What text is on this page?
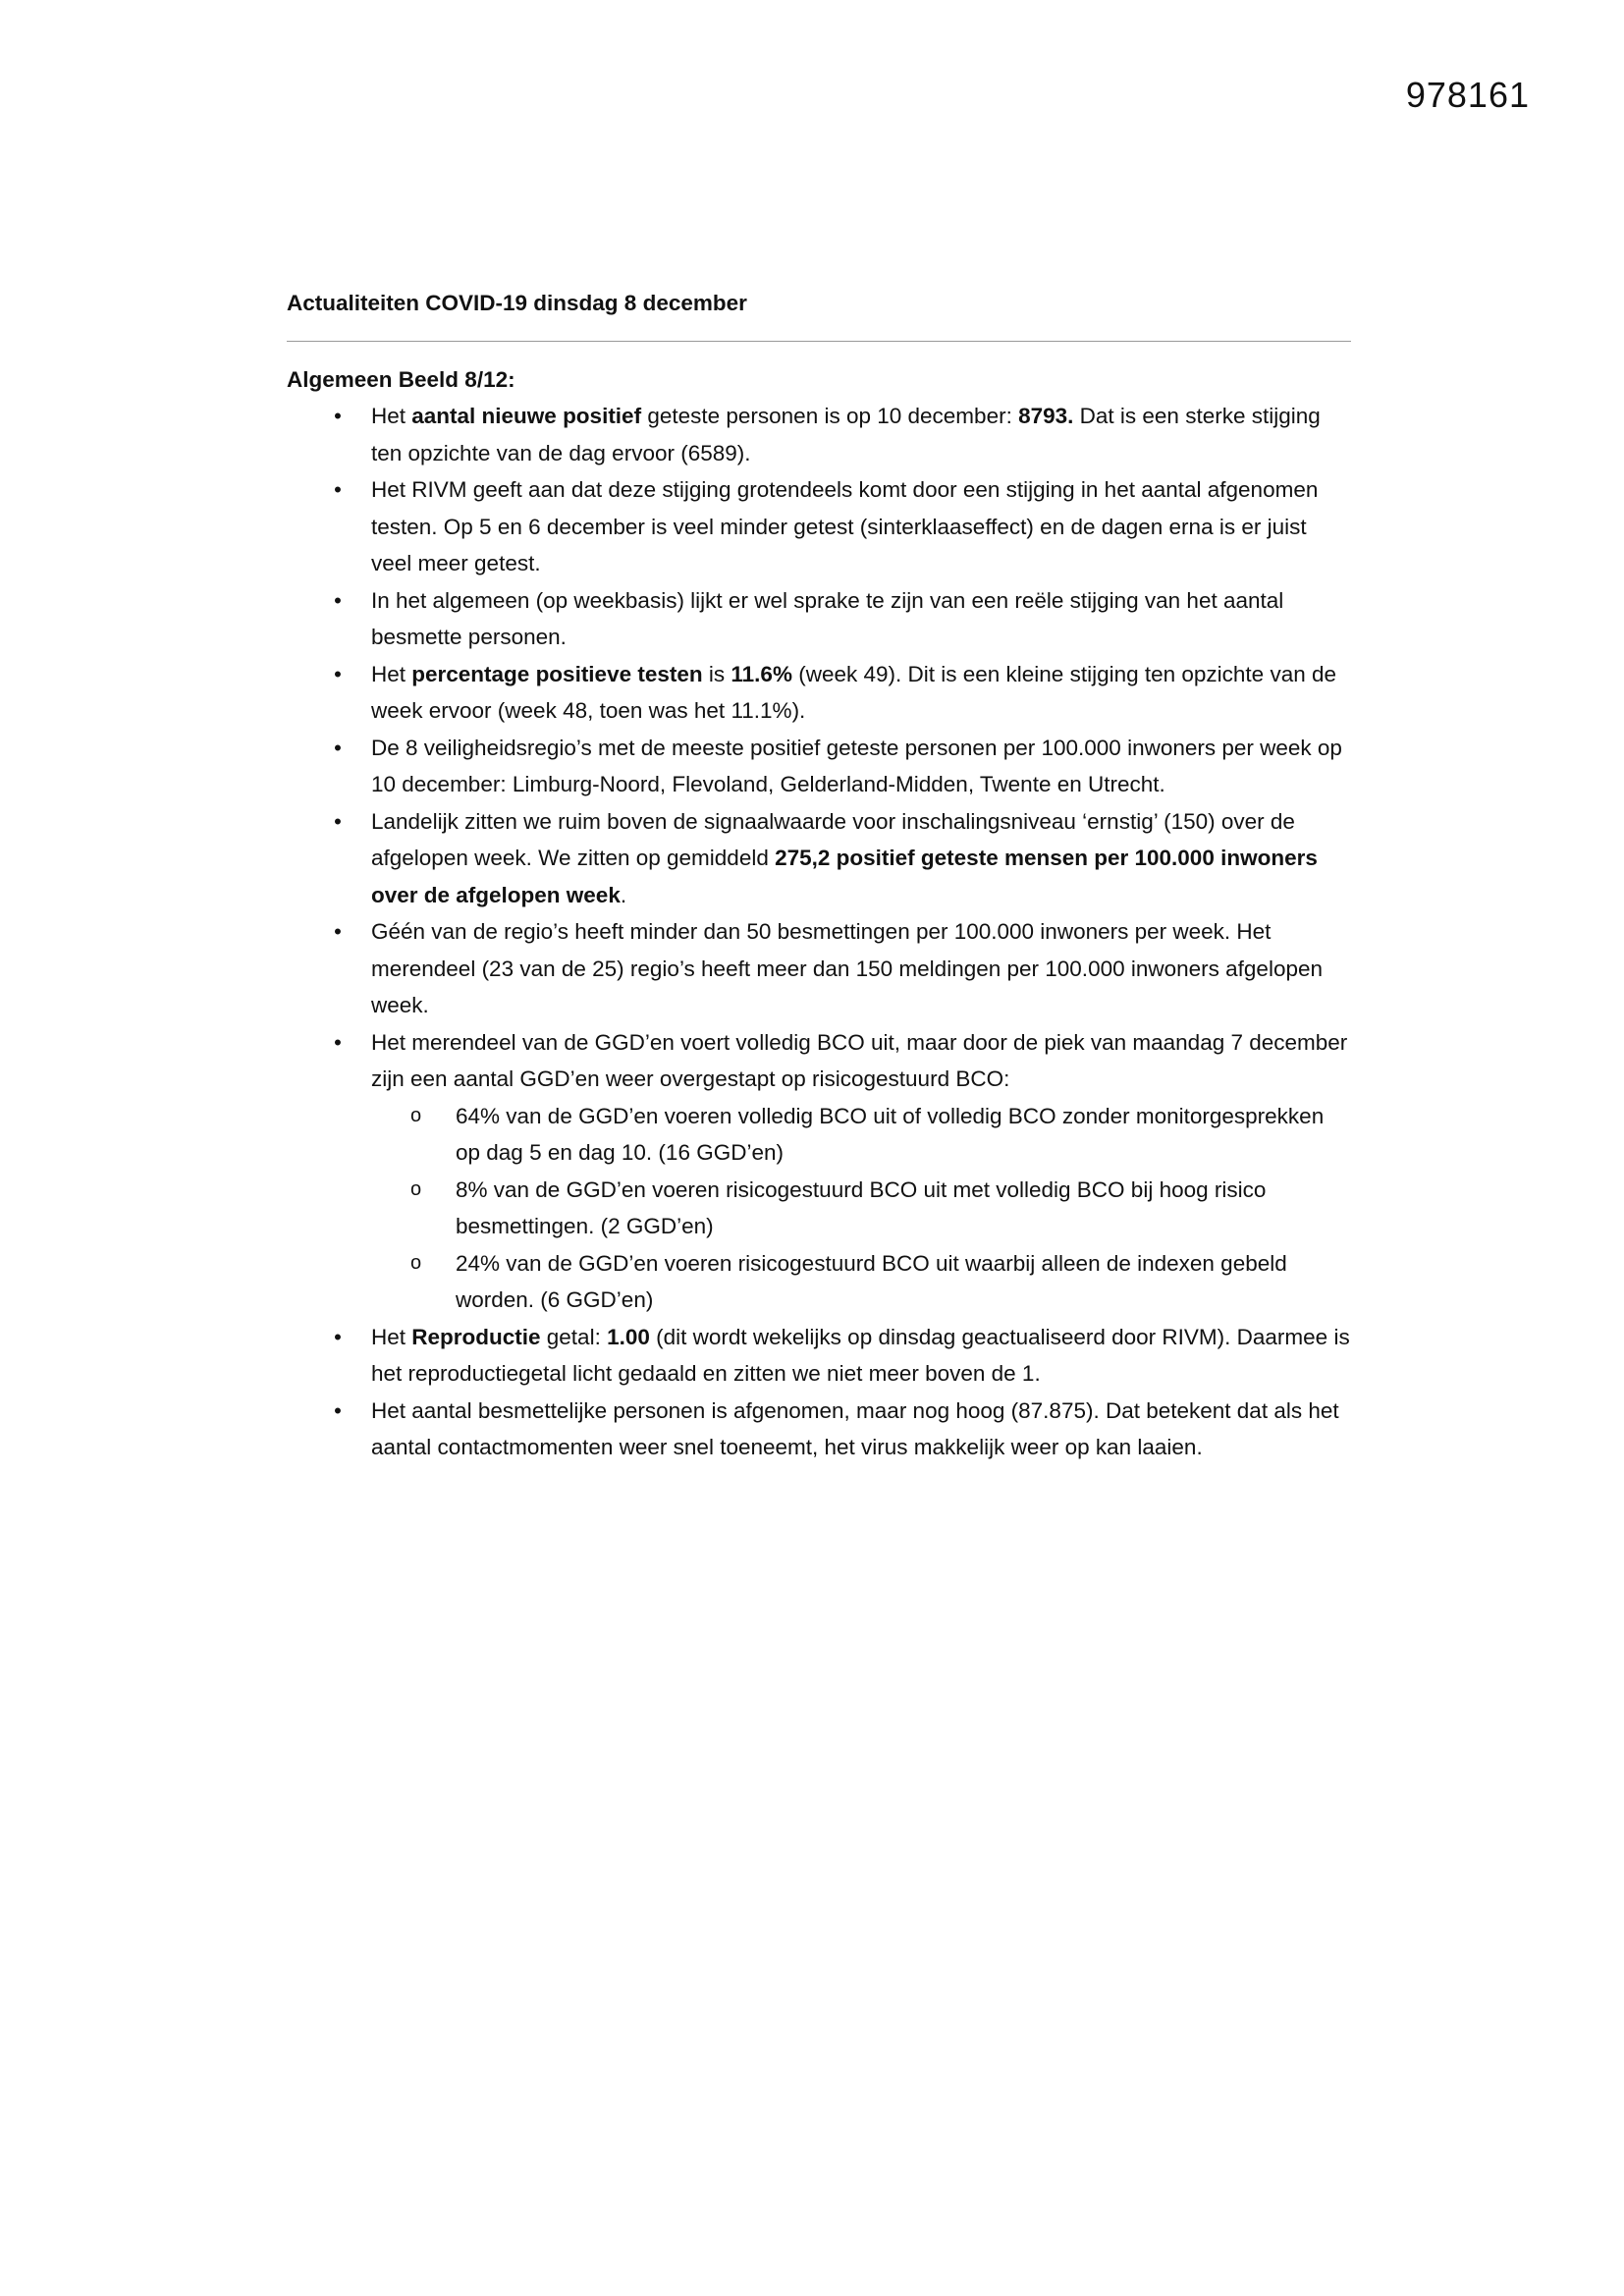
978161

Actualiteiten COVID-19 dinsdag 8 december

Algemeen Beeld 8/12:

• Het aantal nieuwe positief geteste personen is op 10 december: 8793. Dat is een sterke stijging ten opzichte van de dag ervoor (6589).
• Het RIVM geeft aan dat deze stijging grotendeels komt door een stijging in het aantal afgenomen testen. Op 5 en 6 december is veel minder getest (sinterklaaseffect) en de dagen erna is er juist veel meer getest.
• In het algemeen (op weekbasis) lijkt er wel sprake te zijn van een reële stijging van het aantal besmette personen.
• Het percentage positieve testen is 11.6% (week 49). Dit is een kleine stijging ten opzichte van de week ervoor (week 48, toen was het 11.1%).
• De 8 veiligheidsregio’s met de meeste positief geteste personen per 100.000 inwoners per week op 10 december: Limburg-Noord, Flevoland, Gelderland-Midden, Twente en Utrecht.
• Landelijk zitten we ruim boven de signaalwaarde voor inschalingsniveau ‘ernstig’ (150) over de afgelopen week. We zitten op gemiddeld 275,2 positief geteste mensen per 100.000 inwoners over de afgelopen week.
• Géén van de regio’s heeft minder dan 50 besmettingen per 100.000 inwoners per week. Het merendeel (23 van de 25) regio’s heeft meer dan 150 meldingen per 100.000 inwoners afgelopen week.
• Het merendeel van de GGD’en voert volledig BCO uit, maar door de piek van maandag 7 december zijn een aantal GGD’en weer overgestapt op risicogestuurd BCO:
o 64% van de GGD’en voeren volledig BCO uit of volledig BCO zonder monitorgesprekken op dag 5 en dag 10. (16 GGD’en)
o 8% van de GGD’en voeren risicogestuurd BCO uit met volledig BCO bij hoog risico besmettingen. (2 GGD’en)
o 24% van de GGD’en voeren risicogestuurd BCO uit waarbij alleen de indexen gebeld worden. (6 GGD’en)
• Het Reproductie getal: 1.00 (dit wordt wekelijks op dinsdag geactualiseerd door RIVM). Daarmee is het reproductiegetal licht gedaald en zitten we niet meer boven de 1.
• Het aantal besmettelijke personen is afgenomen, maar nog hoog (87.875). Dat betekent dat als het aantal contactmomenten weer snel toeneemt, het virus makkelijk weer op kan laaien.
